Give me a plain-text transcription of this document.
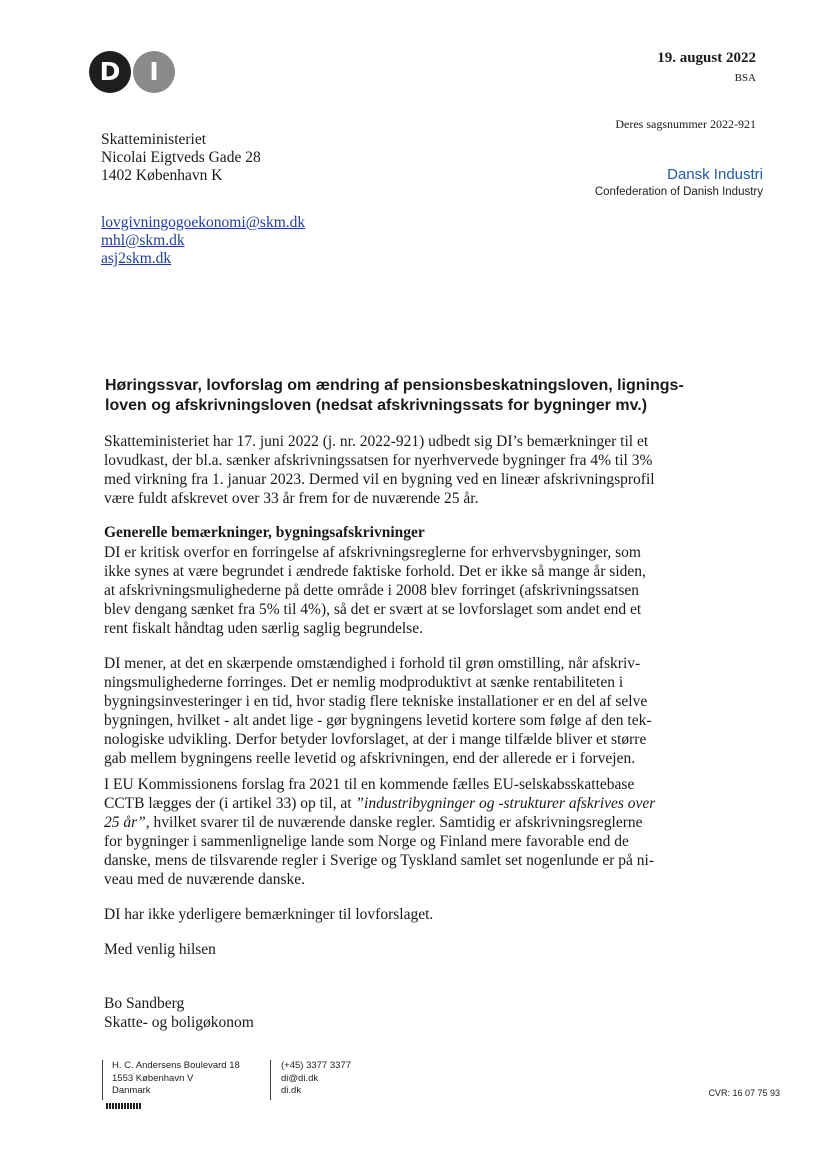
D	I	19. august 2022
BSA
Deres sagsnummer 2022-921
Dansk Industri
Confederation of Danish Industry
Skatteministeriet
Nicolai Eigtveds Gade 28
1402 København K
lovgivningogoekonomi@skm.dk
mhl@skm.dk
asj2skm.dk
Høringssvar, lovforslag om ændring af pensionsbeskatningsloven, lignings-
loven og afskrivningsloven (nedsat afskrivningssats for bygninger mv.)
Skatteministeriet har 17. juni 2022 (j. nr. 2022-921) udbedt sig DI’s bemærkninger til et
lovudkast, der bl.a. sænker afskrivningssatsen for nyerhvervede bygninger fra 4% til 3%
med virkning fra 1. januar 2023. Dermed vil en bygning ved en lineær afskrivningsprofil
være fuldt afskrevet over 33 år frem for de nuværende 25 år.
Generelle bemærkninger, bygningsafskrivninger
DI er kritisk overfor en forringelse af afskrivningsreglerne for erhvervsbygninger, som
ikke synes at være begrundet i ændrede faktiske forhold. Det er ikke så mange år siden,
at afskrivningsmulighederne på dette område i 2008 blev forringet (afskrivningssatsen
blev dengang sænket fra 5% til 4%), så det er svært at se lovforslaget som andet end et
rent fiskalt håndtag uden særlig saglig begrundelse.
DI mener, at det en skærpende omstændighed i forhold til grøn omstilling, når afskriv-
ningsmulighederne forringes. Det er nemlig modproduktivt at sænke rentabiliteten i
bygningsinvesteringer i en tid, hvor stadig flere tekniske installationer er en del af selve
bygningen, hvilket - alt andet lige - gør bygningens levetid kortere som følge af den tek-
nologiske udvikling. Derfor betyder lovforslaget, at der i mange tilfælde bliver et større
gab mellem bygningens reelle levetid og afskrivningen, end der allerede er i forvejen.
I EU Kommissionens forslag fra 2021 til en kommende fælles EU-selskabsskattebase
CCTB lægges der (i artikel 33) op til, at ”industribygninger og -strukturer afskrives over
25 år”, hvilket svarer til de nuværende danske regler. Samtidig er afskrivningsreglerne
for bygninger i sammenlignelige lande som Norge og Finland mere favorable end de
danske, mens de tilsvarende regler i Sverige og Tyskland samlet set nogenlunde er på ni-
veau med de nuværende danske.
DI har ikke yderligere bemærkninger til lovforslaget.
Med venlig hilsen
Bo Sandberg
Skatte- og boligøkonom
H. C. Andersens Boulevard 18
1553 København V
Danmark
(+45) 3377 3377
di@di.dk
di.dk	CVR: 16 07 75 93
